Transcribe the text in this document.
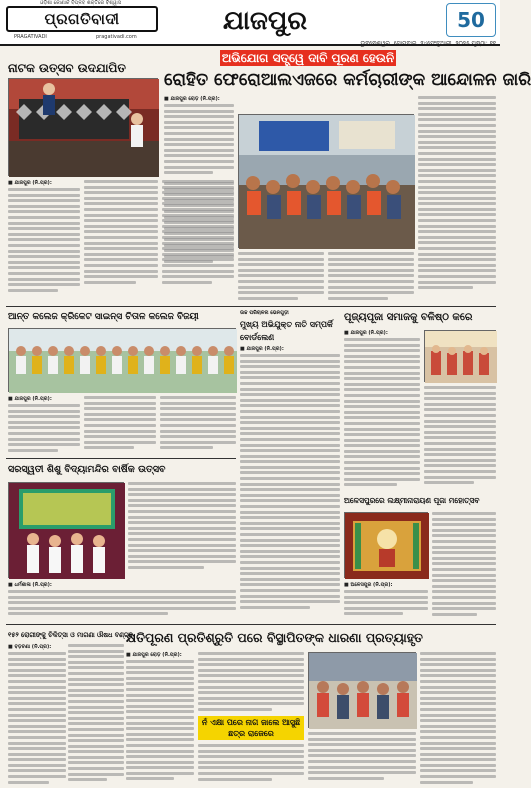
ଓଡ଼ିଶା କୋଣାର୍କ ବିପ୍ଳବ ଶକ୍ତିରେ ବିଶ୍ୱାସ
ପ୍ରଗତିବାଦୀ
PRAGATIVADI	pragativadi.com
ଯାଜପୁର	50
ଭୁବନେଶ୍ୱର, ସୋମବାର, ୨୪ଫେବୃଆରୀ, ୨୦୨୫ ପୃଷ୍ଠା: ୧୧
ଅଭିଯୋଗ ସତ୍ତ୍ୱେ ଦାବି ପୂରଣ ହେଉନି
ରୋହିତ ଫେରୋଆଲଏଜରେ କର୍ମଚାରୀଙ୍କ ଆନ୍ଦୋଳନ ଜାରି
ନାଟକ ଉତ୍ସବ ଉଦଯାପିତ
■ ଯାଜପୁର (ନି.ପ୍ର):
■ ଯାଜପୁର ରୋଡ଼ (ନି.ପ୍ର):
ଆନ୍ତ କଲେଜ କ୍ରିକେଟ ସାଇନ୍ସ ଚିତାଳ କଲେଜ ବିଜୟୀ
■ ଯାଜପୁର (ନି.ପ୍ର):
ଉଚ୍ଚ ପରିଚାଳନା ଭେନଗୁଡ଼ୀ
ମୁଖ୍ୟ ଅଭିଯୁକ୍ତ ନାତି ସମ୍ପର୍କି ବୋର୍ଡଲେଣ
■ ଯାଜପୁର (ନି.ପ୍ର):
ପୂଜ୍ୟପୂଜା ସମାଜକୁ ବଳିଷ୍ଠ କରେ
■ ଯାଜପୁର (ନି.ପ୍ର):
ସରସ୍ୱତୀ ଶିଶୁ ବିଦ୍ୟାମନ୍ଦିର ବାର୍ଷିକ ଉତ୍ସବ
■ ଧର୍ମଶାଳା (ନି.ପ୍ର):
ଅଳେସପୁରରେ ଲକ୍ଷ୍ମୀନାରାୟଣ ପୂଜା ମହୋତ୍ସବ
■ ଅଳେସପୁର (ନି.ପ୍ର):
୧୫୨ ରୋଗୀଙ୍କୁ ଚିକିତ୍ସା ଓ ମାଗଣା ଔଷଧ ବଣ୍ଟନ
■ ବଡ଼ଚଣା (ନି.ପ୍ର):
କ୍ଷତିପୂରଣ ପ୍ରତିଶ୍ରୁତି ପରେ ବିସ୍ଥାପିତଙ୍କ ଧାରଣା ପ୍ରତ୍ୟାହୃତ
■ ଯାଜପୁର ରୋଡ଼ (ନି.ପ୍ର):
ନଁ ଏକ୍ଷା ପରେ ନାଗ ଜାଲେ ଆସୁଛି ଛତ୍ର ରାଜେରେ
